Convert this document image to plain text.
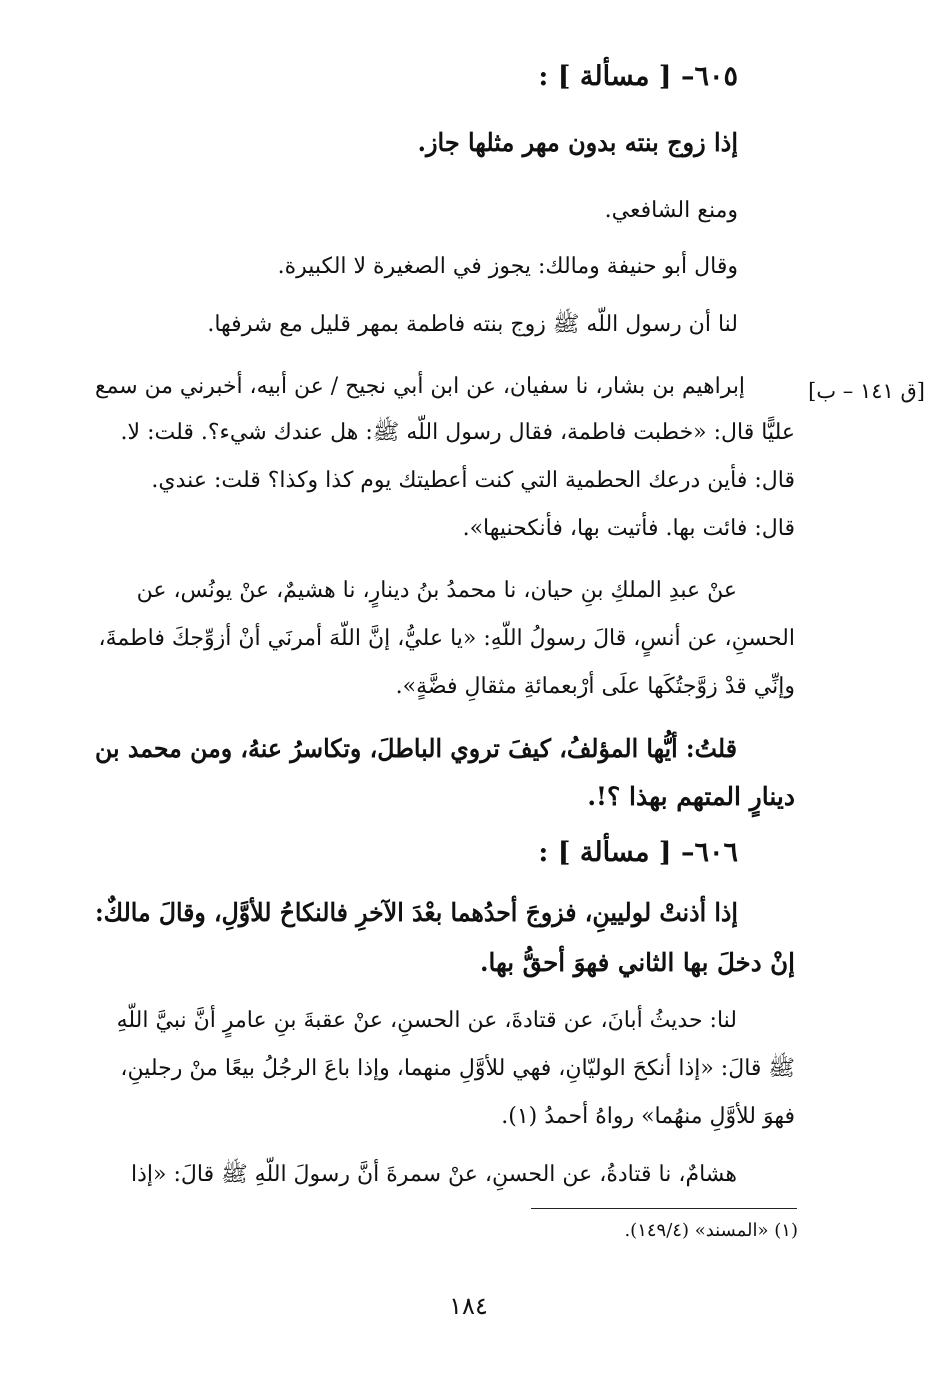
٦٠٥– [ مسألة ] :
إذا زوج بنته بدون مهر مثلها جاز.
ومنع الشافعي.
وقال أبو حنيفة ومالك: يجوز في الصغيرة لا الكبيرة.
لنا أن رسول اللّه ﷺ زوج بنته فاطمة بمهر قليل مع شرفها.
[ق ١٤١ – ب]
إبراهيم بن بشار، نا سفيان، عن ابن أبي نجيح / عن أبيه، أخبرني من سمع
عليًّا قال: «خطبت فاطمة، فقال رسول اللّه ﷺ: هل عندك شيء؟. قلت: لا.
قال: فأين درعك الحطمية التي كنت أعطيتك يوم كذا وكذا؟ قلت: عندي.
قال: فائت بها. فأتيت بها، فأنكحنيها».
عنْ عبدِ الملكِ بنِ حيان، نا محمدُ بنُ دينارٍ، نا هشيمٌ، عنْ يونُس، عن
الحسنِ، عن أنسٍ، قالَ رسولُ اللّهِ: «يا عليُّ، إنَّ اللّهَ أمرنَي أنْ أزوِّجكَ فاطمةَ،
وإنِّي قدْ زوَّجتُكَها علَى أرْبعمائةِ مثقالِ فضَّةٍ».
قلتُ: أيُّها المؤلفُ، كيفَ تروي الباطلَ، وتكاسرُ عنهُ، ومن محمد بن
دينارٍ المتهم بهذا ؟!.
٦٠٦– [ مسألة ] :
إذا أذنتْ لوليينِ، فزوجَ أحدُهما بعْدَ الآخرِ فالنكاحُ للأوَّلِ، وقالَ مالكٌ:
إنْ دخلَ بها الثاني فهوَ أحقُّ بها.
لنا: حديثُ أبانَ، عن قتادةَ، عن الحسنِ، عنْ عقبةَ بنِ عامرٍ أنَّ نبيَّ اللّهِ
ﷺ قالَ: «إذا أنكحَ الوليّانِ، فهي للأوَّلِ منهما، وإذا باعَ الرجُلُ بيعًا منْ رجلينِ،
فهوَ للأوَّلِ منهُما» رواهُ أحمدُ (١).
هشامٌ، نا قتادةُ، عن الحسنِ، عنْ سمرةَ أنَّ رسولَ اللّهِ ﷺ قالَ: «إذا
(١) «المسند» (١٤٩/٤).
١٨٤
